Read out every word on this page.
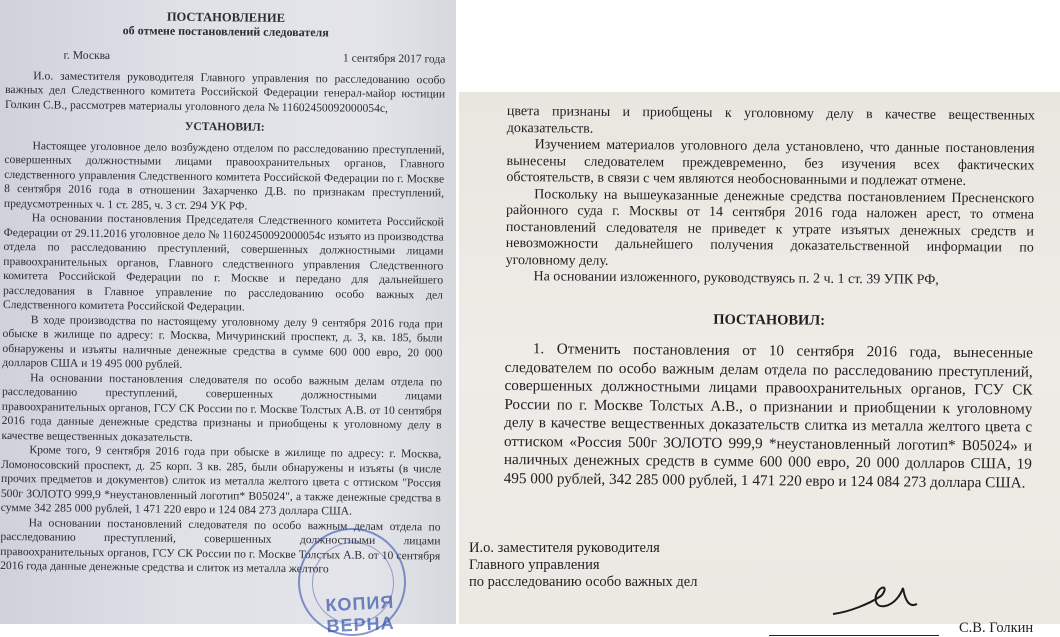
ПОСТАНОВЛЕНИЕ

об отмене постановлений следователя

г. Москва	1 сентября 2017 года

И.о. заместителя руководителя Главного управления по расследованию особо важных дел Следственного комитета Российской Федерации генерал-майор юстиции Голкин С.В., рассмотрев материалы уголовного дела № 11602450092000054с,

УСТАНОВИЛ:

Настоящее уголовное дело возбуждено отделом по расследованию преступлений, совершенных должностными лицами правоохранительных органов, Главного следственного управления Следственного комитета Российской Федерации по г. Москве 8 сентября 2016 года в отношении Захарченко Д.В. по признакам преступлений, предусмотренных ч. 1 ст. 285, ч. 3 ст. 294 УК РФ.

На основании постановления Председателя Следственного комитета Российской Федерации от 29.11.2016 уголовное дело № 11602450092000054с изъято из производства отдела по расследованию преступлений, совершенных должностными лицами правоохранительных органов, Главного следственного управления Следственного комитета Российской Федерации по г. Москве и передано для дальнейшего расследования в Главное управление по расследованию особо важных дел Следственного комитета Российской Федерации.

В ходе производства по настоящему уголовному делу 9 сентября 2016 года при обыске в жилище по адресу: г. Москва, Мичуринский проспект, д. 3, кв. 185, были обнаружены и изъяты наличные денежные средства в сумме 600 000 евро, 20 000 долларов США и 19 495 000 рублей.

На основании постановления следователя по особо важным делам отдела по расследованию преступлений, совершенных должностными лицами правоохранительных органов, ГСУ СК России по г. Москве Толстых А.В. от 10 сентября 2016 года данные денежные средства признаны и приобщены к уголовному делу в качестве вещественных доказательств.

Кроме того, 9 сентября 2016 года при обыске в жилище по адресу: г. Москва, Ломоносовский проспект, д. 25 корп. 3 кв. 285, были обнаружены и изъяты (в числе прочих предметов и документов) слиток из металла желтого цвета с оттиском "Россия 500г ЗОЛОТО 999,9 *неустановленный логотип* В05024", а также денежные средства в сумме 342 285 000 рублей, 1 471 220 евро и 124 084 273 доллара США.

На основании постановлений следователя по особо важным делам отдела по расследованию преступлений, совершенных должностными лицами правоохранительных органов, ГСУ СК России по г. Москве Толстых А.В. от 10 сентября 2016 года данные денежные средства и слиток из металла желтого

КОПИЯ ВЕРНА

цвета признаны и приобщены к уголовному делу в качестве вещественных доказательств.

Изучением материалов уголовного дела установлено, что данные постановления вынесены следователем преждевременно, без изучения всех фактических обстоятельств, в связи с чем являются необоснованными и подлежат отмене.

Поскольку на вышеуказанные денежные средства постановлением Пресненского районного суда г. Москвы от 14 сентября 2016 года наложен арест, то отмена постановлений следователя не приведет к утрате изъятых денежных средств и невозможности дальнейшего получения доказательственной информации по уголовному делу.

На основании изложенного, руководствуясь п. 2 ч. 1 ст. 39 УПК РФ,

ПОСТАНОВИЛ:

1. Отменить постановления от 10 сентября 2016 года, вынесенные следователем по особо важным делам отдела по расследованию преступлений, совершенных должностными лицами правоохранительных органов, ГСУ СК России по г. Москве Толстых А.В., о признании и приобщении к уголовному делу в качестве вещественных доказательств слитка из металла желтого цвета с оттиском «Россия 500г ЗОЛОТО 999,9 *неустановленный логотип* В05024» и наличных денежных средств в сумме 600 000 евро, 20 000 долларов США, 19 495 000 рублей, 342 285 000 рублей, 1 471 220 евро и 124 084 273 доллара США.

И.о. заместителя руководителя
Главного управления
по расследованию особо важных дел
С.В. Голкин
